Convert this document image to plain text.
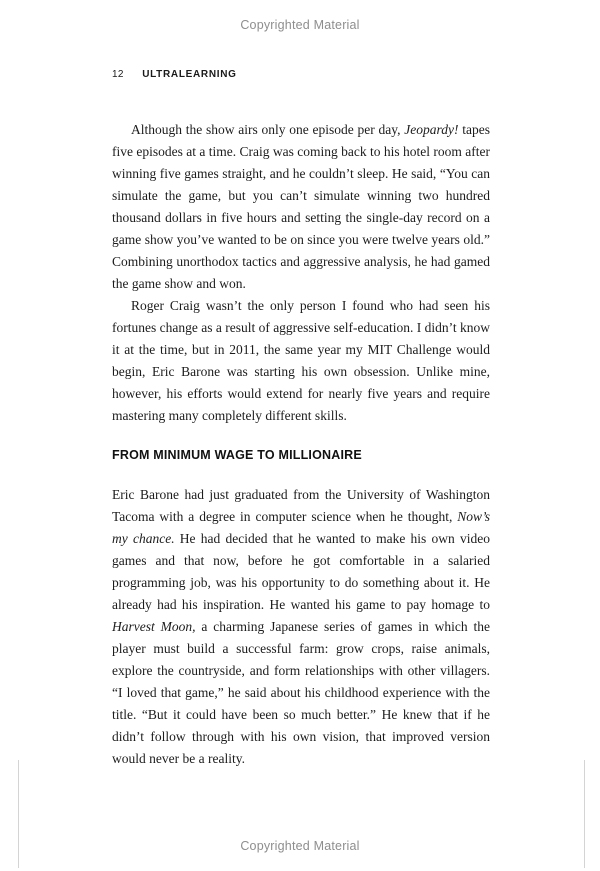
Copyrighted Material
12 ULTRALEARNING

Although the show airs only one episode per day, Jeopardy! tapes five episodes at a time. Craig was coming back to his hotel room after winning five games straight, and he couldn’t sleep. He said, “You can simulate the game, but you can’t simulate winning two hundred thousand dollars in five hours and setting the single-day record on a game show you’ve wanted to be on since you were twelve years old.” Combining unorthodox tactics and aggressive analysis, he had gamed the game show and won.

Roger Craig wasn’t the only person I found who had seen his fortunes change as a result of aggressive self-education. I didn’t know it at the time, but in 2011, the same year my MIT Challenge would begin, Eric Barone was starting his own obsession. Unlike mine, however, his efforts would extend for nearly five years and require mastering many completely different skills.

FROM MINIMUM WAGE TO MILLIONAIRE

Eric Barone had just graduated from the University of Washington Tacoma with a degree in computer science when he thought, Now’s my chance. He had decided that he wanted to make his own video games and that now, before he got comfortable in a salaried programming job, was his opportunity to do something about it. He already had his inspiration. He wanted his game to pay homage to Harvest Moon, a charming Japanese series of games in which the player must build a successful farm: grow crops, raise animals, explore the countryside, and form relationships with other villagers. “I loved that game,” he said about his childhood experience with the title. “But it could have been so much better.” He knew that if he didn’t follow through with his own vision, that improved version would never be a reality.

Copyrighted Material
